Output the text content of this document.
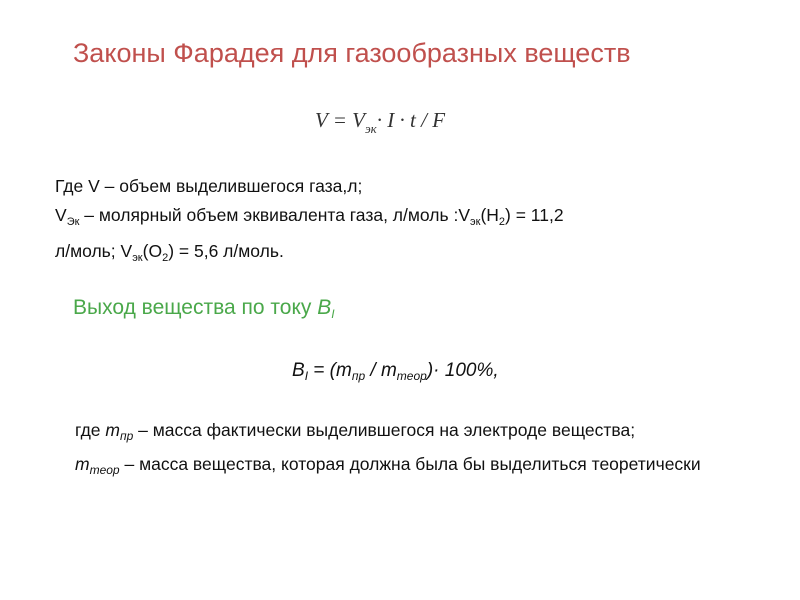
Законы Фарадея для газообразных веществ
$V = V_{эк}\cdot I \cdot t / F$
Где V – объем выделившегося газа,л;
$V_{Эк}$ – молярный объем эквивалента газа, л/моль $:V_{эк}(Н_2) = 11,2$
л/моль; $V_{эк}(О_2) = 5,6$ л/моль.
Выход вещества по току $В_I$
$В_I = (m_{пр} / m_{теор})\cdot 100\%$,

где $m_{пр}$ – масса фактически выделившегося на электроде вещества;

$m_{теор}$ – масса вещества, которая должна была бы выделиться теоретически
